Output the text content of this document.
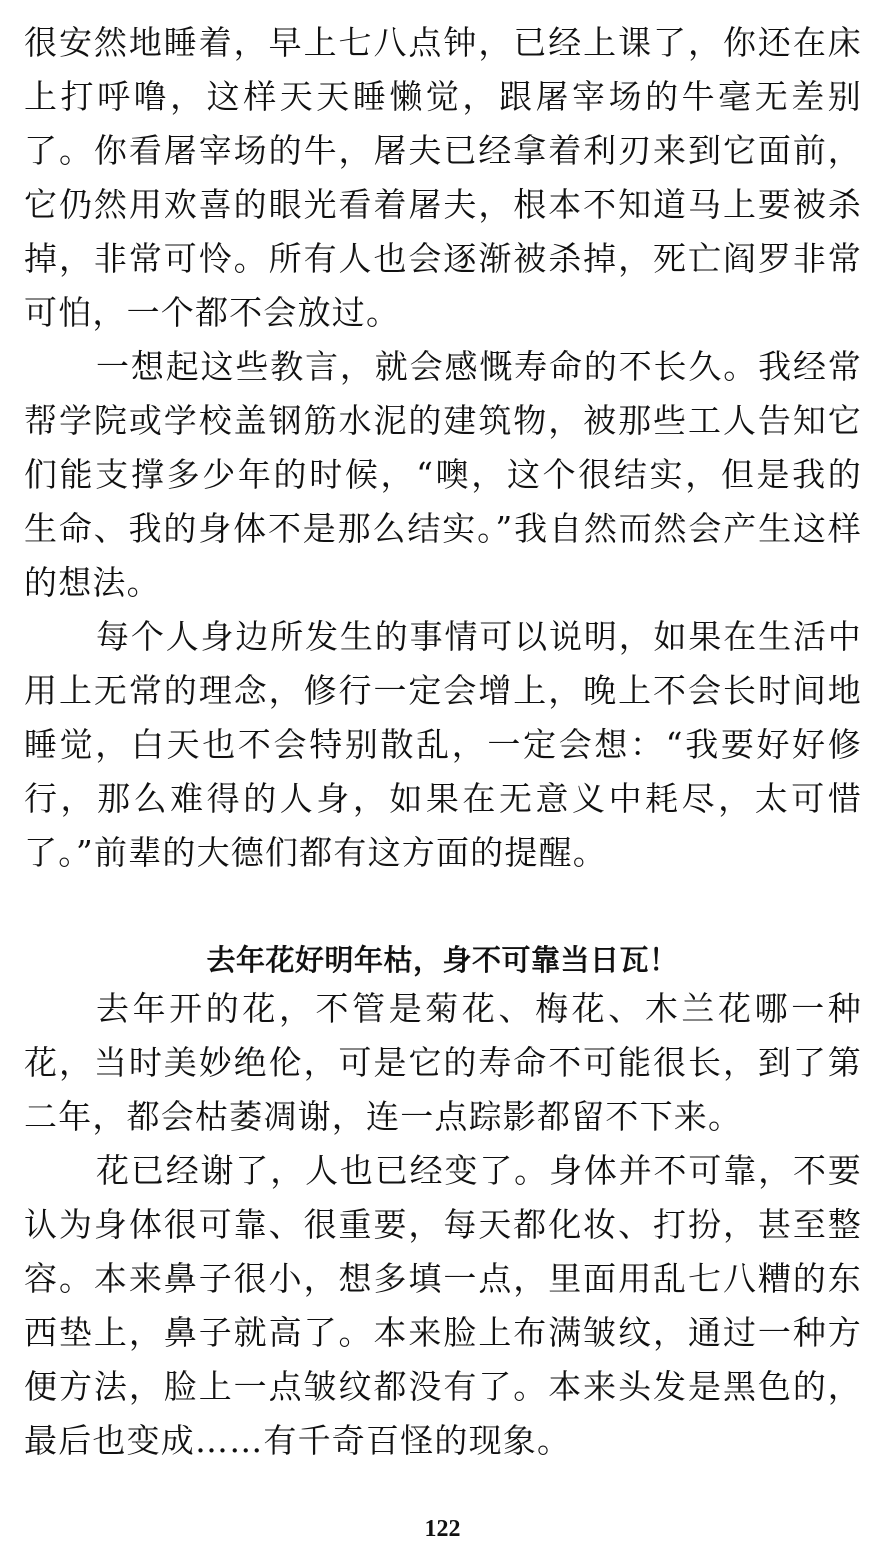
很安然地睡着，早上七八点钟，已经上课了，你还在床上打呼噜，这样天天睡懒觉，跟屠宰场的牛毫无差别了。你看屠宰场的牛，屠夫已经拿着利刃来到它面前，它仍然用欢喜的眼光看着屠夫，根本不知道马上要被杀掉，非常可怜。所有人也会逐渐被杀掉，死亡阎罗非常可怕，一个都不会放过。

一想起这些教言，就会感慨寿命的不长久。我经常帮学院或学校盖钢筋水泥的建筑物，被那些工人告知它们能支撑多少年的时候，“噢，这个很结实，但是我的生命、我的身体不是那么结实。”我自然而然会产生这样的想法。

每个人身边所发生的事情可以说明，如果在生活中用上无常的理念，修行一定会增上，晚上不会长时间地睡觉，白天也不会特别散乱，一定会想：“我要好好修行，那么难得的人身，如果在无意义中耗尽，太可惜了。”前辈的大德们都有这方面的提醒。

去年花好明年枯，身不可靠当日瓦！

去年开的花，不管是菊花、梅花、木兰花哪一种花，当时美妙绝伦，可是它的寿命不可能很长，到了第二年，都会枯萎凋谢，连一点踪影都留不下来。

花已经谢了，人也已经变了。身体并不可靠，不要认为身体很可靠、很重要，每天都化妆、打扮，甚至整容。本来鼻子很小，想多填一点，里面用乱七八糟的东西垫上，鼻子就高了。本来脸上布满皱纹，通过一种方便方法，脸上一点皱纹都没有了。本来头发是黑色的，最后也变成……有千奇百怪的现象。

122
